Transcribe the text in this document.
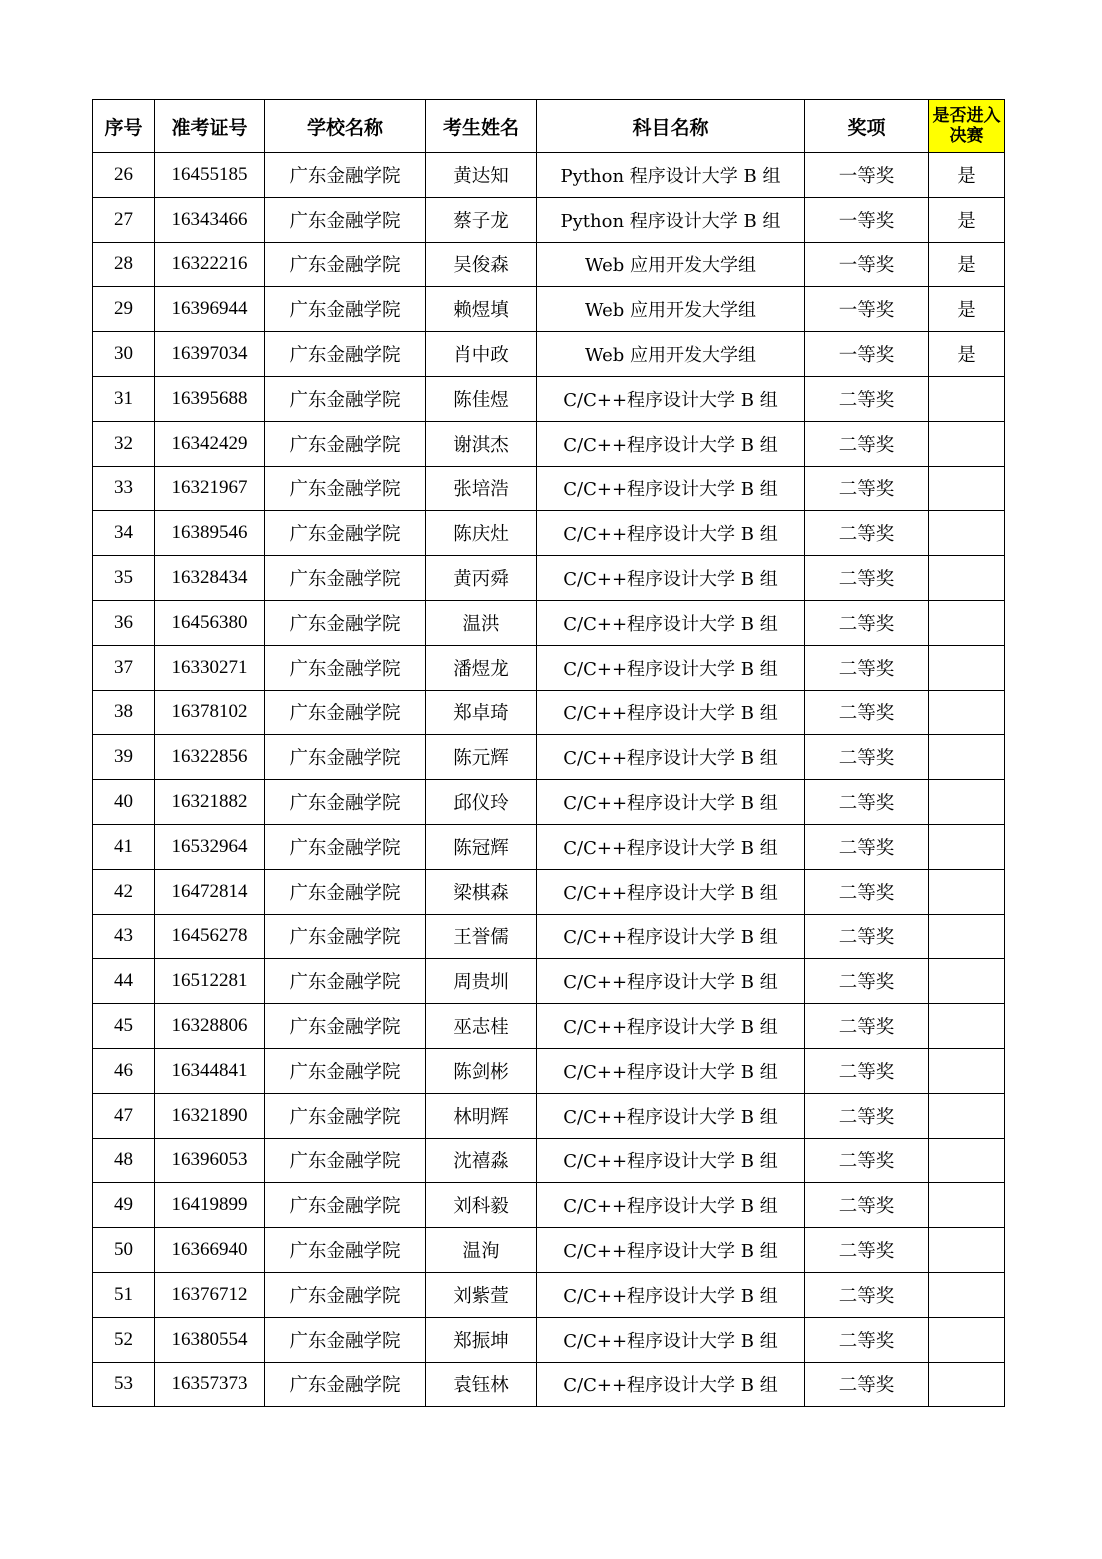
序号	准考证号	学校名称	考生姓名	科目名称	奖项	是否进入决赛
26	16455185	广东金融学院	黄达知	Python 程序设计大学 B 组	一等奖	是
27	16343466	广东金融学院	蔡子龙	Python 程序设计大学 B 组	一等奖	是
28	16322216	广东金融学院	吴俊森	Web 应用开发大学组	一等奖	是
29	16396944	广东金融学院	赖煜填	Web 应用开发大学组	一等奖	是
30	16397034	广东金融学院	肖中政	Web 应用开发大学组	一等奖	是
31	16395688	广东金融学院	陈佳煜	C/C++程序设计大学 B 组	二等奖	
32	16342429	广东金融学院	谢淇杰	C/C++程序设计大学 B 组	二等奖	
33	16321967	广东金融学院	张培浩	C/C++程序设计大学 B 组	二等奖	
34	16389546	广东金融学院	陈庆灶	C/C++程序设计大学 B 组	二等奖	
35	16328434	广东金融学院	黄丙舜	C/C++程序设计大学 B 组	二等奖	
36	16456380	广东金融学院	温洪	C/C++程序设计大学 B 组	二等奖	
37	16330271	广东金融学院	潘煜龙	C/C++程序设计大学 B 组	二等奖	
38	16378102	广东金融学院	郑卓琦	C/C++程序设计大学 B 组	二等奖	
39	16322856	广东金融学院	陈元辉	C/C++程序设计大学 B 组	二等奖	
40	16321882	广东金融学院	邱仪玲	C/C++程序设计大学 B 组	二等奖	
41	16532964	广东金融学院	陈冠辉	C/C++程序设计大学 B 组	二等奖	
42	16472814	广东金融学院	梁棋森	C/C++程序设计大学 B 组	二等奖	
43	16456278	广东金融学院	王誉儒	C/C++程序设计大学 B 组	二等奖	
44	16512281	广东金融学院	周贵圳	C/C++程序设计大学 B 组	二等奖	
45	16328806	广东金融学院	巫志桂	C/C++程序设计大学 B 组	二等奖	
46	16344841	广东金融学院	陈剑彬	C/C++程序设计大学 B 组	二等奖	
47	16321890	广东金融学院	林明辉	C/C++程序设计大学 B 组	二等奖	
48	16396053	广东金融学院	沈禧淼	C/C++程序设计大学 B 组	二等奖	
49	16419899	广东金融学院	刘科毅	C/C++程序设计大学 B 组	二等奖	
50	16366940	广东金融学院	温洵	C/C++程序设计大学 B 组	二等奖	
51	16376712	广东金融学院	刘紫萱	C/C++程序设计大学 B 组	二等奖	
52	16380554	广东金融学院	郑振坤	C/C++程序设计大学 B 组	二等奖	
53	16357373	广东金融学院	袁钰林	C/C++程序设计大学 B 组	二等奖	
